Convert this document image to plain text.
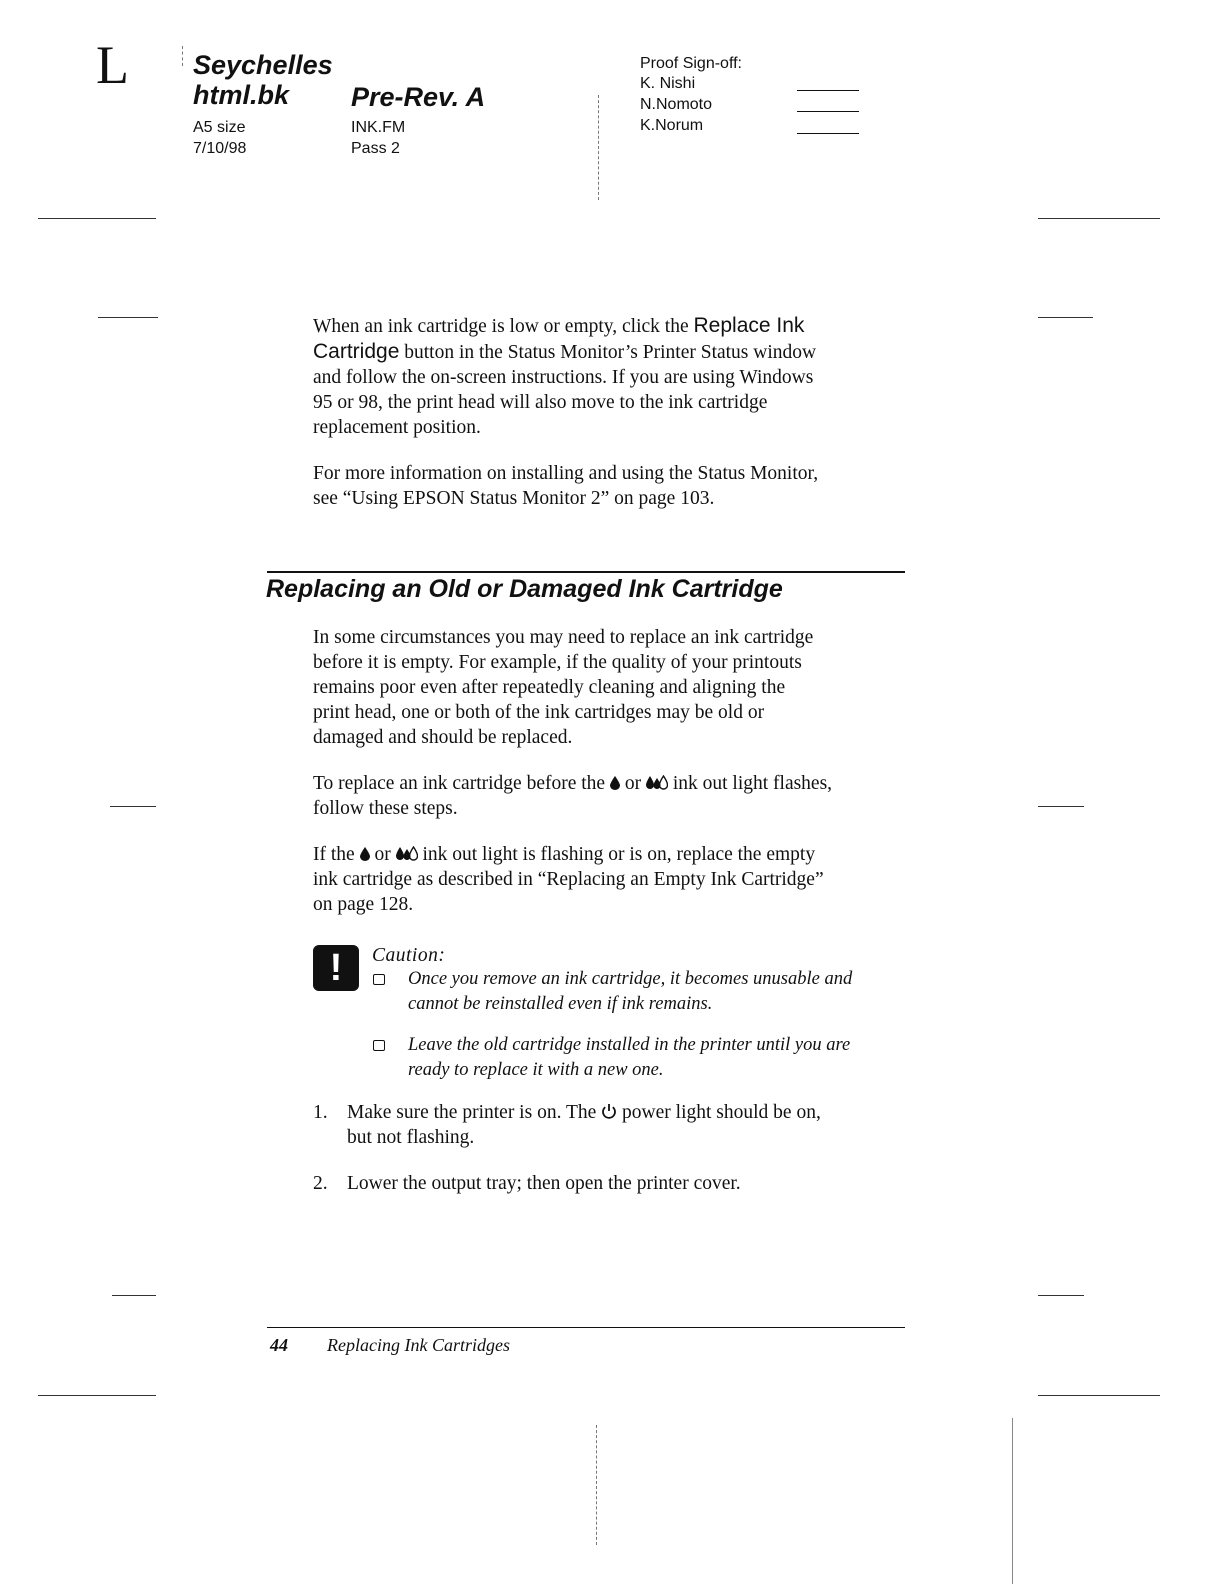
L Seychelles
html.bk Pre-Rev. A
A5 size
7/10/98
INK.FM
Pass 2
Proof Sign-off:
K. Nishi
N.Nomoto
K.Norum
When an ink cartridge is low or empty, click the Replace Ink
Cartridge button in the Status Monitor’s Printer Status window
and follow the on-screen instructions. If you are using Windows
95 or 98, the print head will also move to the ink cartridge
replacement position.
For more information on installing and using the Status Monitor,
see “Using EPSON Status Monitor 2” on page 103.
Replacing an Old or Damaged Ink Cartridge
In some circumstances you may need to replace an ink cartridge
before it is empty. For example, if the quality of your printouts
remains poor even after repeatedly cleaning and aligning the
print head, one or both of the ink cartridges may be old or
damaged and should be replaced.
To replace an ink cartridge before the  or  ink out light flashes,
follow these steps.
If the  or  ink out light is flashing or is on, replace the empty
ink cartridge as described in “Replacing an Empty Ink Cartridge”
on page 128.
!	Caution:
Once you remove an ink cartridge, it becomes unusable and
cannot be reinstalled even if ink remains.
Leave the old cartridge installed in the printer until you are
ready to replace it with a new one.
1. Make sure the printer is on. The  power light should be on,
but not flashing.
2. Lower the output tray; then open the printer cover.
44 Replacing Ink Cartridges
